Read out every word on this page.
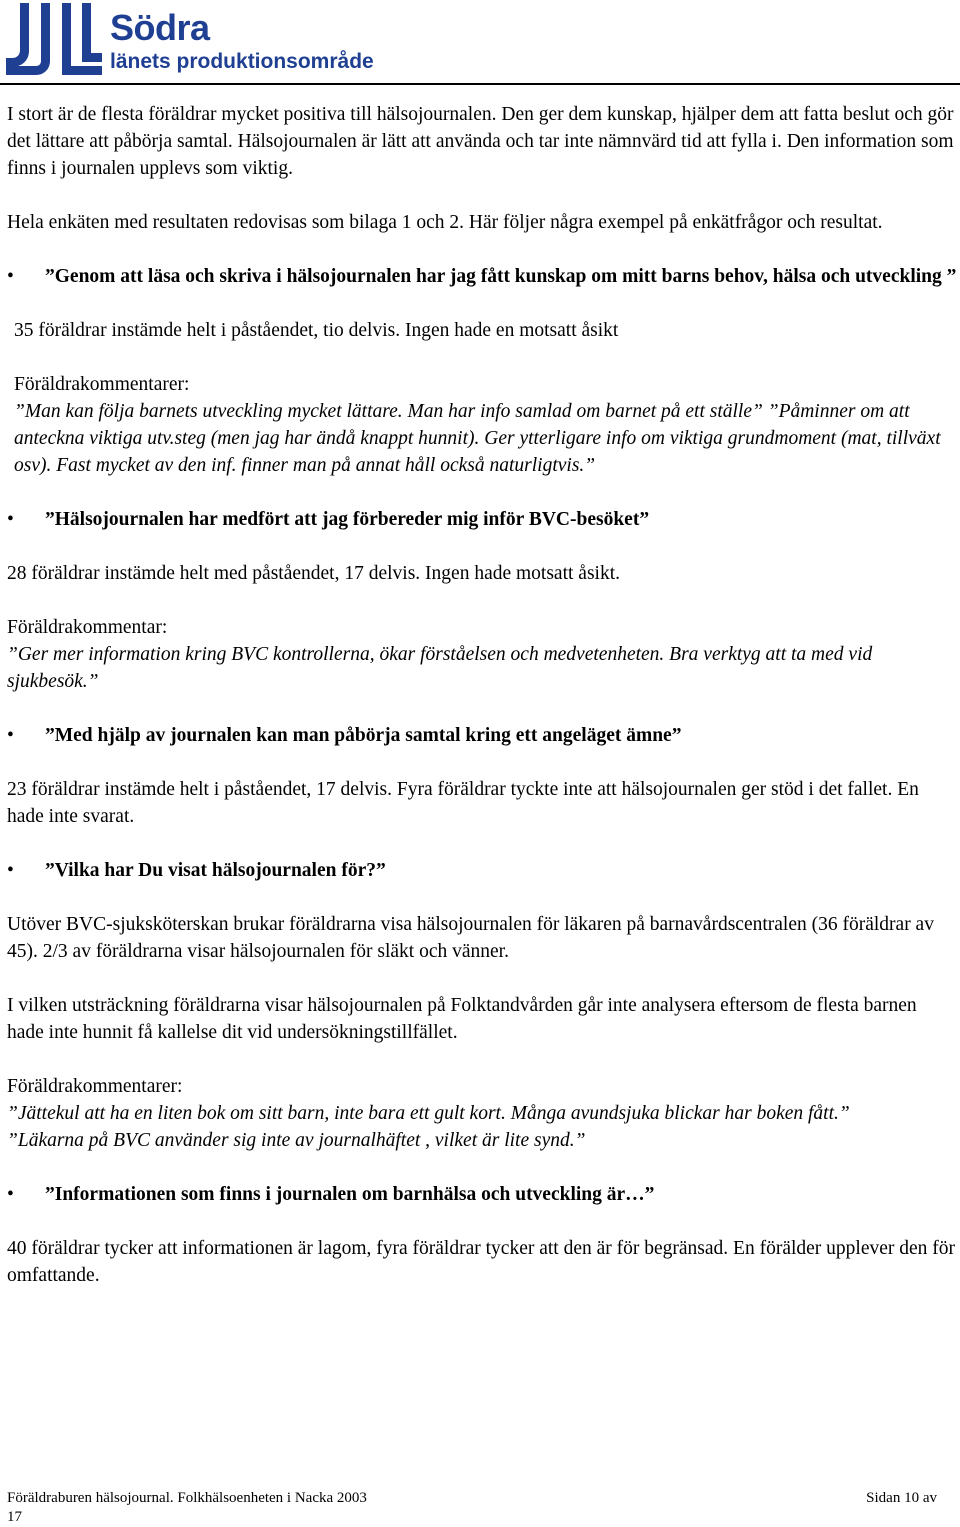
Södra
länets produktionsområde

I stort är de flesta föräldrar mycket positiva till hälsojournalen. Den ger dem kunskap, hjälper dem att fatta beslut och gör det lättare att påbörja samtal. Hälsojournalen är lätt att använda och tar inte nämnvärd tid att fylla i. Den information som finns i journalen upplevs som viktig.

Hela enkäten med resultaten redovisas som bilaga 1 och 2. Här följer några exempel på enkätfrågor och resultat.

• ”Genom att läsa och skriva i hälsojournalen har jag fått kunskap om mitt barns behov, hälsa och utveckling ”

35 föräldrar instämde helt i påståendet, tio delvis. Ingen hade en motsatt åsikt

Föräldrakommentarer:

”Man kan följa barnets utveckling mycket lättare. Man har info samlad om barnet på ett ställe” ”Påminner om att anteckna viktiga utv.steg (men jag har ändå knappt hunnit). Ger ytterligare info om viktiga grundmoment (mat, tillväxt osv). Fast mycket av den inf. finner man på annat håll också naturligtvis.”

• ”Hälsojournalen har medfört att jag förbereder mig inför BVC-besöket”

28 föräldrar instämde helt med påståendet, 17 delvis. Ingen hade motsatt åsikt.

Föräldrakommentar:

”Ger mer information kring BVC kontrollerna, ökar förståelsen och medvetenheten. Bra verktyg att ta med vid sjukbesök.”

• ”Med hjälp av journalen kan man påbörja samtal kring ett angeläget ämne”

23 föräldrar instämde helt i påståendet, 17 delvis. Fyra föräldrar tyckte inte att hälsojournalen ger stöd i det fallet. En hade inte svarat.

• ”Vilka har Du visat hälsojournalen för?”

Utöver BVC-sjuksköterskan brukar föräldrarna visa hälsojournalen för läkaren på barnavårdscentralen (36 föräldrar av 45). 2/3 av föräldrarna visar hälsojournalen för släkt och vänner.

I vilken utsträckning föräldrarna visar hälsojournalen på Folktandvården går inte analysera eftersom de flesta barnen hade inte hunnit få kallelse dit vid undersökningstillfället.

Föräldrakommentarer:

”Jättekul att ha en liten bok om sitt barn, inte bara ett gult kort. Många avundsjuka blickar har boken fått.”

”Läkarna på BVC använder sig inte av journalhäftet , vilket är lite synd.”

• ”Informationen som finns i journalen om barnhälsa och utveckling är…”

40 föräldrar tycker att informationen är lagom, fyra föräldrar tycker att den är för begränsad. En förälder upplever den för omfattande.

Föräldraburen hälsojournal. Folkhälsoenheten i Nacka 2003	Sidan 10 av
17
